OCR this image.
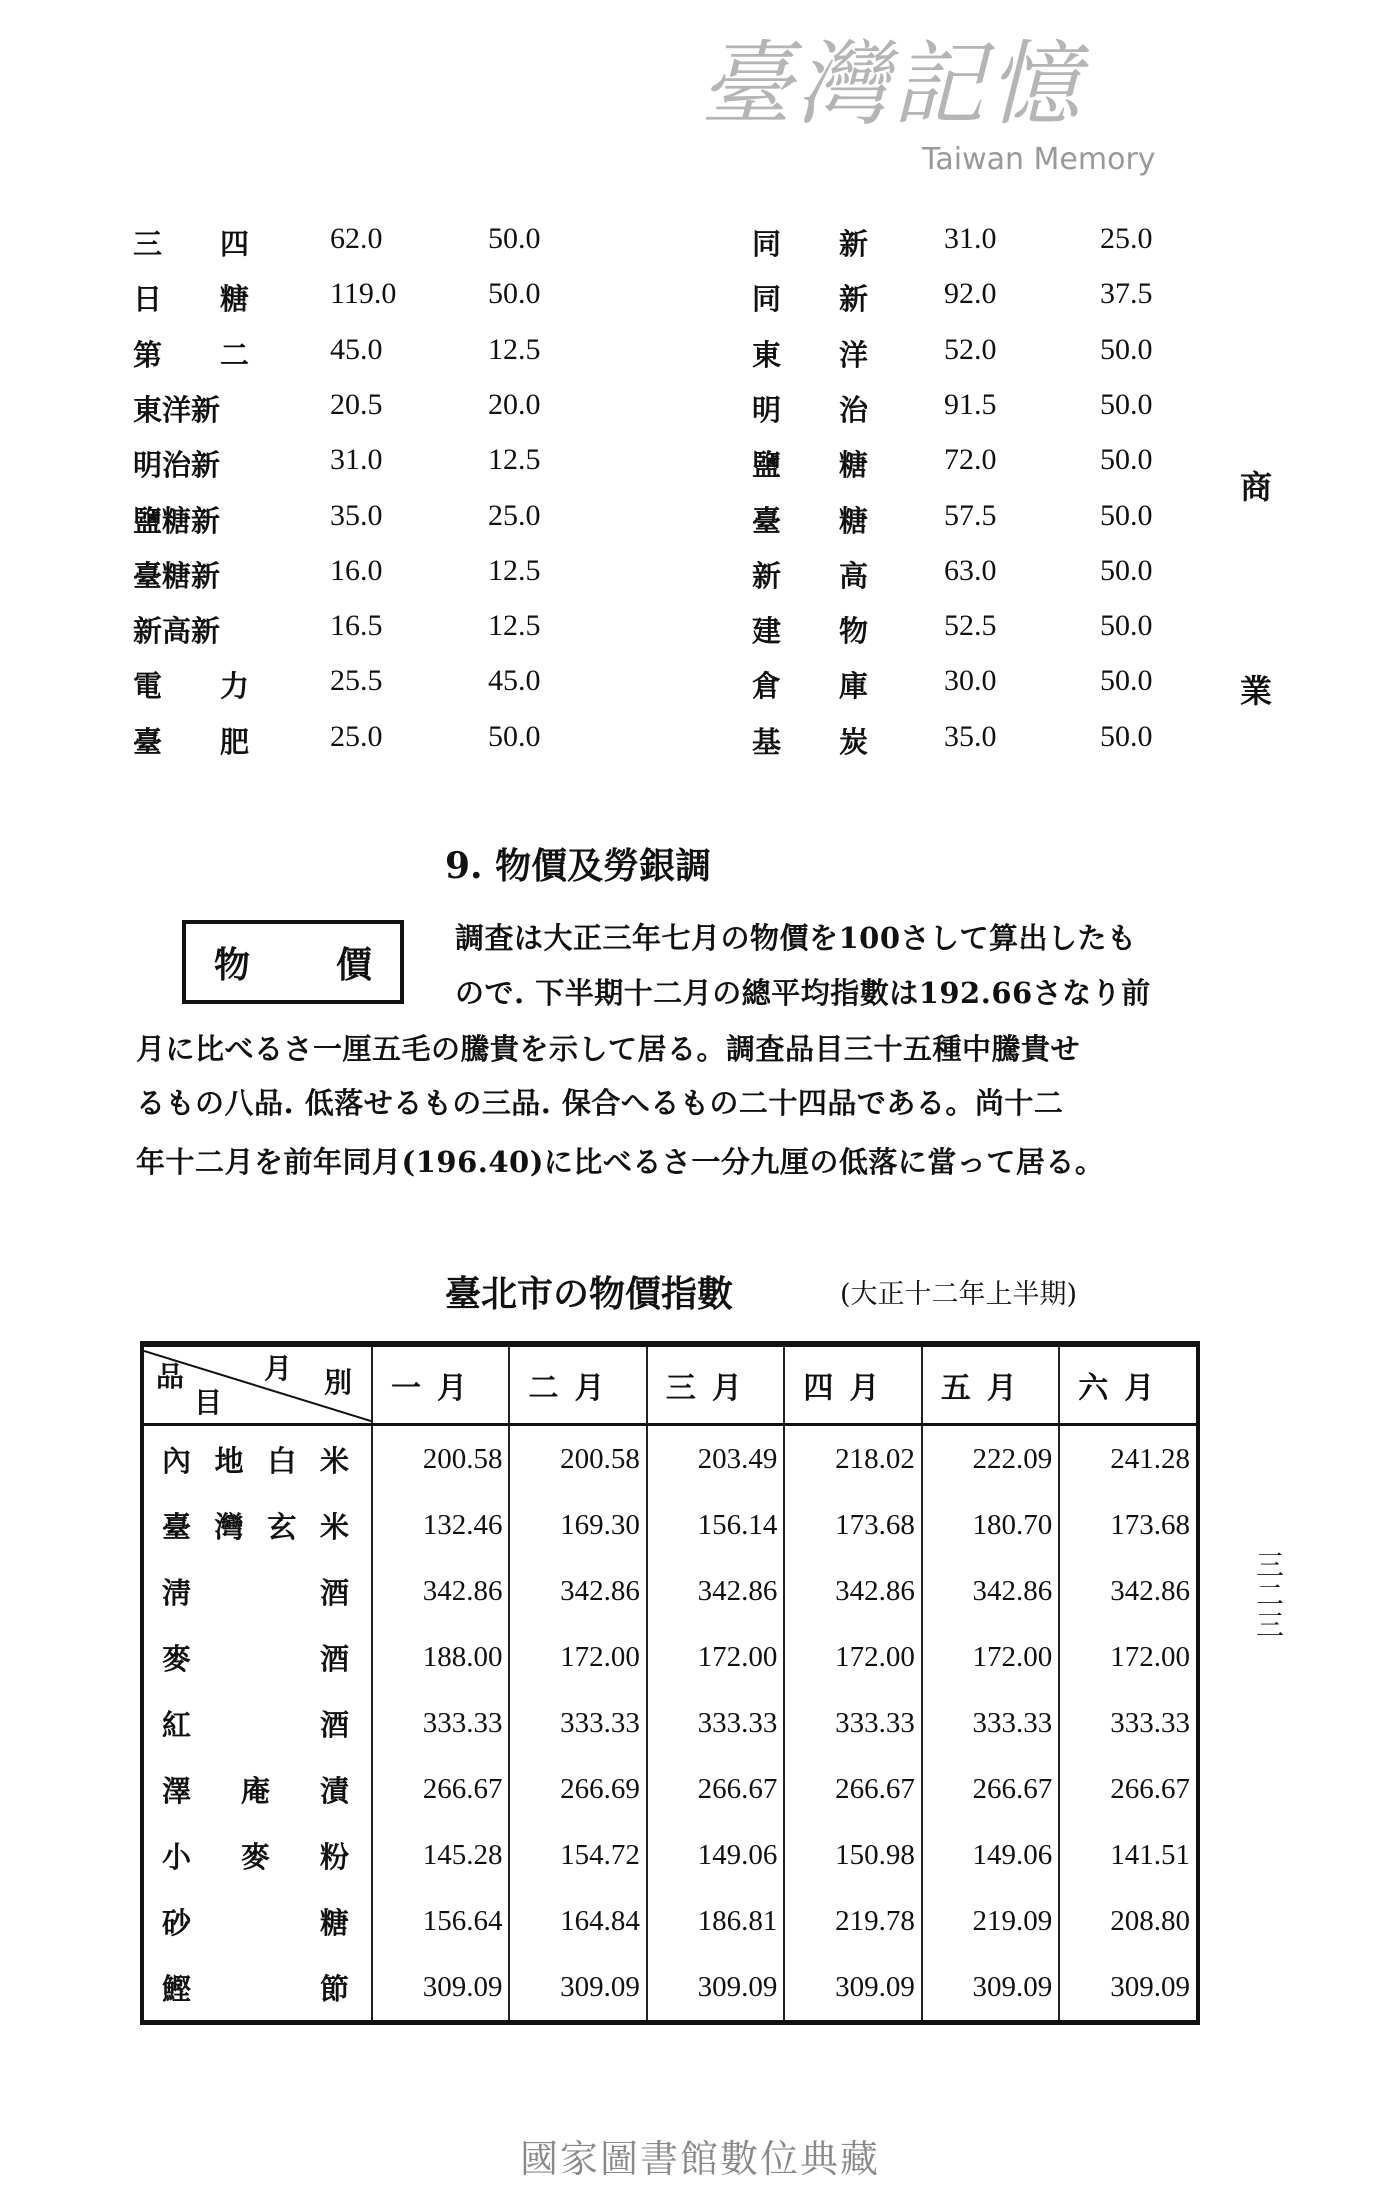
三　　四	62.0	50.0
日　　糖	119.0	50.0
第　　二	45.0	12.5
東洋新	20.5	20.0
明治新	31.0	12.5
鹽糖新	35.0	25.0
臺糖新	16.0	12.5
新高新	16.5	12.5
電　　力	25.5	45.0
臺　　肥	25.0	50.0
同　　新	31.0	25.0
同　　新	92.0	37.5
東　　洋	52.0	50.0
明　　治	91.5	50.0
鹽　　糖	72.0	50.0
臺　　糖	57.5	50.0
新　　高	63.0	50.0
建　　物	52.5	50.0
倉　　庫	30.0	50.0
基　　炭	35.0	50.0
商
業
9. 物價及勞銀調
物 價
調査は大正三年七月の物價を100さして算出したも
ので. 下半期十二月の總平均指數は192.66さなり前
月に比べるさ一厘五毛の騰貴を示して居る。調査品目三十五種中騰貴せ
るもの八品. 低落せるもの三品. 保合へるもの二十四品である。尚十二
年十二月を前年同月(196.40)に比べるさ一分九厘の低落に當って居る。
臺灣記憶
Taiwan Memory
臺北市の物價指數	(大正十二年上半期)
品
目
月 別	一月	二月	三月	四月	五月	六月
內地白米	200.58	200.58	203.49	218.02	222.09	241.28
臺灣玄米	132.46	169.30	156.14	173.68	180.70	173.68
淸酒	342.86	342.86	342.86	342.86	342.86	342.86
麥酒	188.00	172.00	172.00	172.00	172.00	172.00
紅酒	333.33	333.33	333.33	333.33	333.33	333.33
澤庵漬	266.67	266.69	266.67	266.67	266.67	266.67
小麥粉	145.28	154.72	149.06	150.98	149.06	141.51
砂糖	156.64	164.84	186.81	219.78	219.09	208.80
鰹節	309.09	309.09	309.09	309.09	309.09	309.09
三二三
國家圖書館數位典藏
